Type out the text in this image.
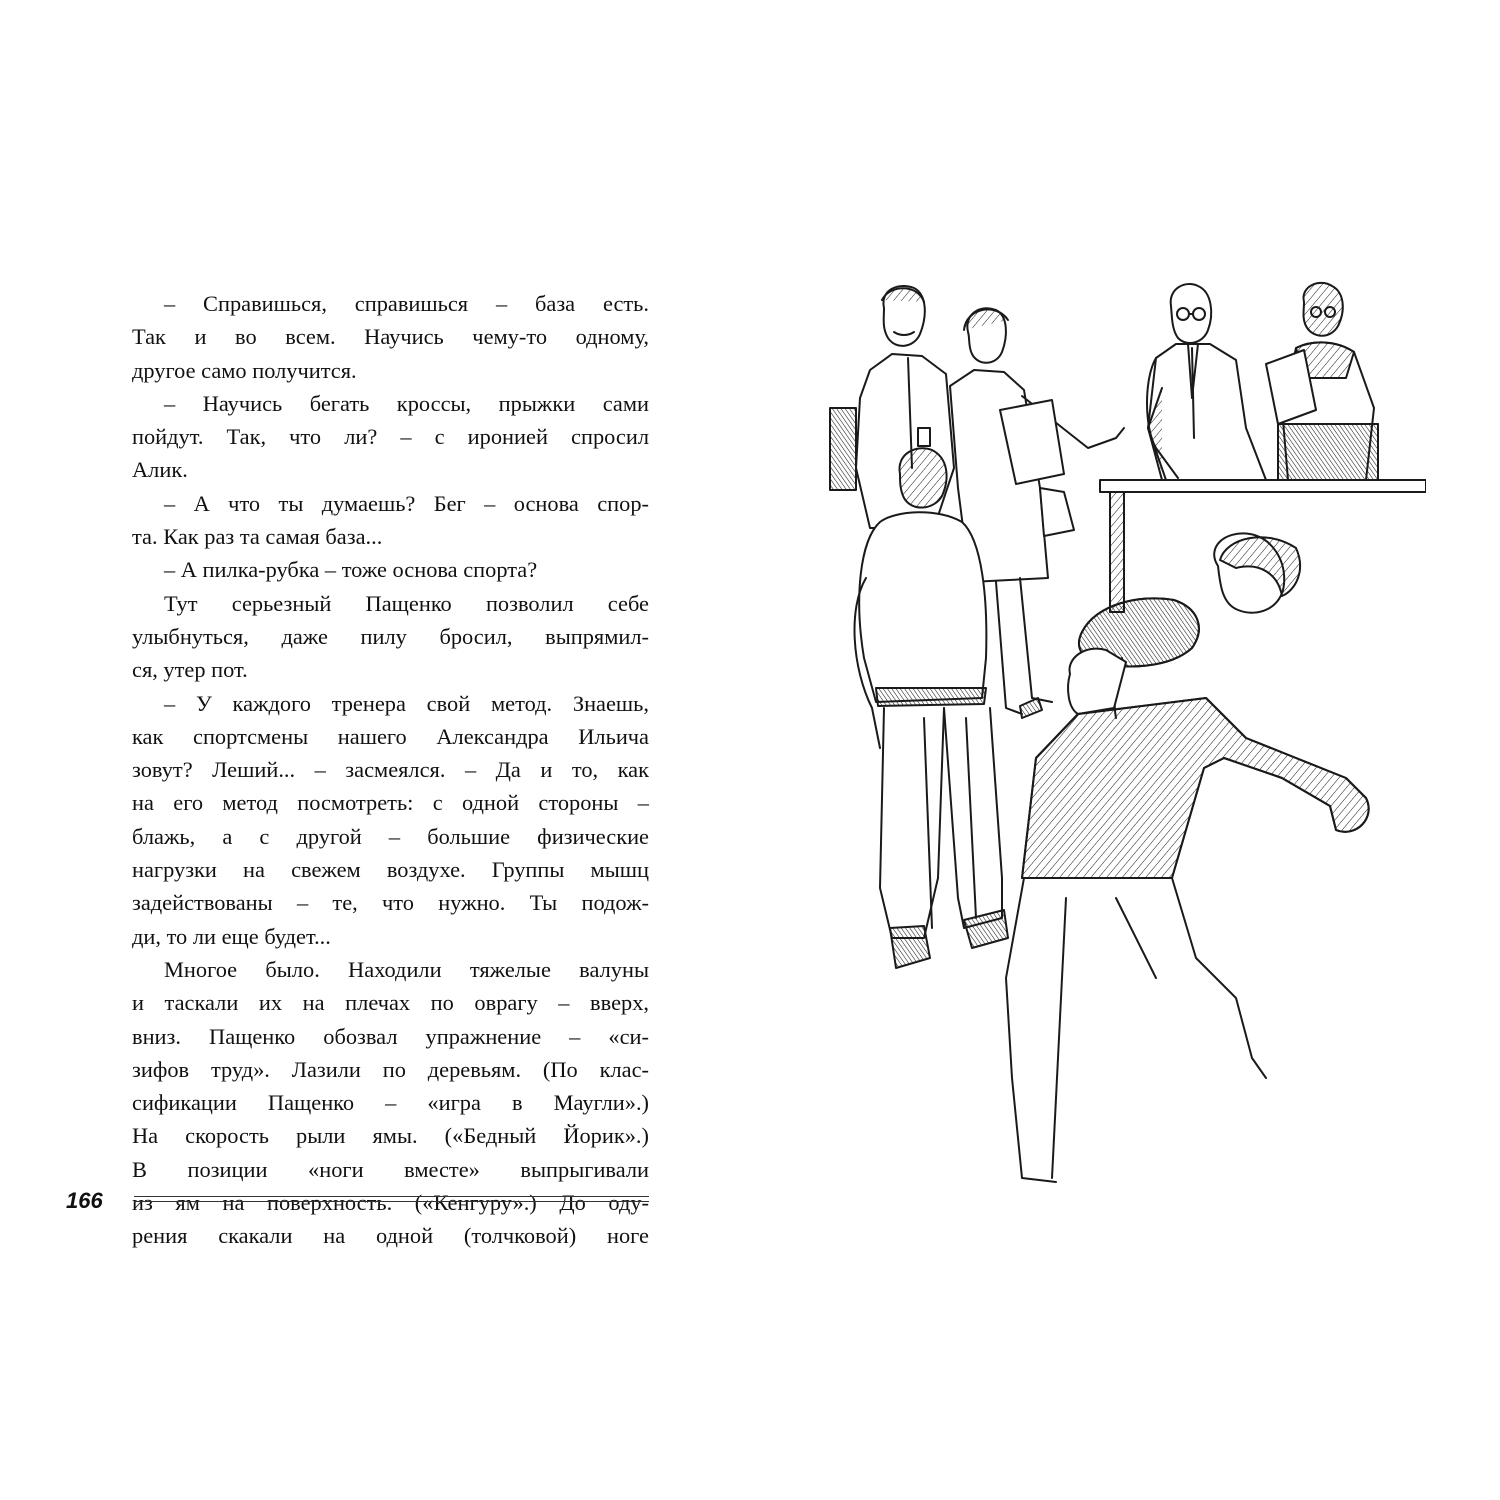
– Справишься, справишься – база есть.
Так и во всем. Научись чему-то одному,
другое само получится.
– Научись бегать кроссы, прыжки сами
пойдут. Так, что ли? – с иронией спросил
Алик.
– А что ты думаешь? Бег – основа спор-
та. Как раз та самая база...
– А пилка-рубка – тоже основа спорта?
Тут серьезный Пащенко позволил себе
улыбнуться, даже пилу бросил, выпрямил-
ся, утер пот.
– У каждого тренера свой метод. Знаешь,
как спортсмены нашего Александра Ильича
зовут? Леший... – засмеялся. – Да и то, как
на его метод посмотреть: с одной стороны –
блажь, а с другой – большие физические
нагрузки на свежем воздухе. Группы мышц
задействованы – те, что нужно. Ты подож-
ди, то ли еще будет...
Многое было. Находили тяжелые валуны
и таскали их на плечах по оврагу – вверх,
вниз. Пащенко обозвал упражнение – «си-
зифов труд». Лазили по деревьям. (По клас-
сификации Пащенко – «игра в Маугли».)
На скорость рыли ямы. («Бедный Йорик».)
В позиции «ноги вместе» выпрыгивали
из ям на поверхность. («Кенгуру».) До оду-
рения скакали на одной (толчковой) ноге
166
